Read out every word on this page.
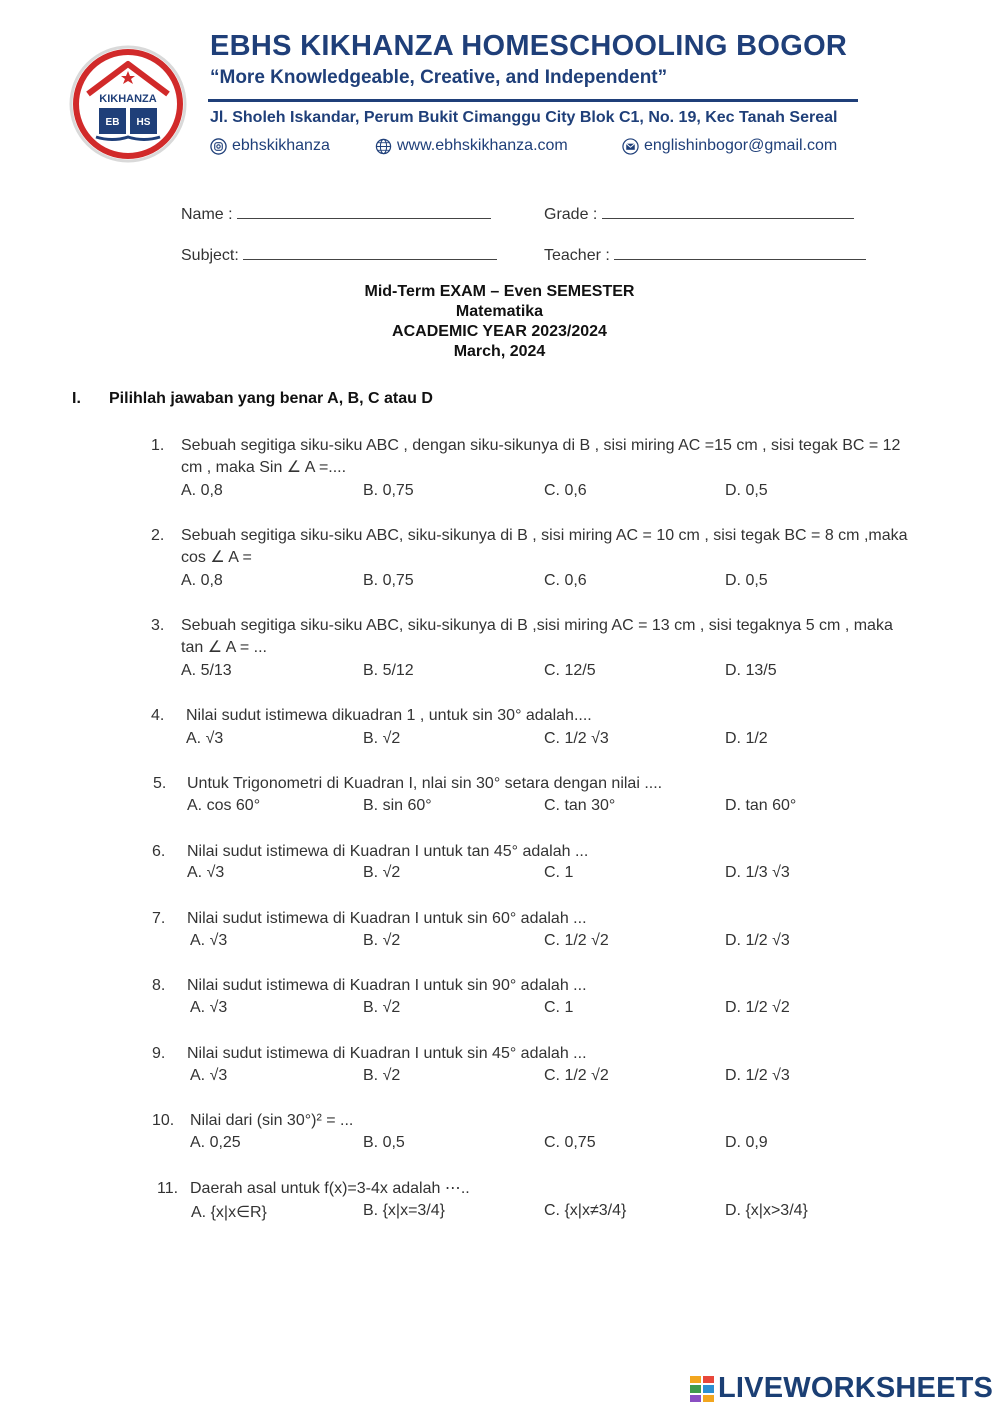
KIKHANZA
EB HS
EBHS KIKHANZA HOMESCHOOLING BOGOR
“More Knowledgeable, Creative, and Independent”
Jl. Sholeh Iskandar, Perum Bukit Cimanggu City Blok C1, No. 19, Kec Tanah Sereal
ebhskikhanza	www.ebhskikhanza.com	englishinbogor@gmail.com
Name :	Grade :
Subject:	Teacher :
Mid-Term EXAM – Even SEMESTER
Matematika
ACADEMIC YEAR 2023/2024
March, 2024
I. Pilihlah jawaban yang benar A, B, C atau D
1. Sebuah segitiga siku-siku ABC , dengan siku-sikunya di B , sisi miring AC =15 cm , sisi tegak BC = 12 cm , maka Sin ∠ A =....
A. 0,8	B. 0,75	C. 0,6	D. 0,5
2. Sebuah segitiga siku-siku ABC, siku-sikunya di B , sisi miring AC = 10 cm , sisi tegak BC = 8 cm ,maka cos ∠ A =
A. 0,8	B. 0,75	C. 0,6	D. 0,5
3. Sebuah segitiga siku-siku ABC, siku-sikunya di B ,sisi miring AC = 13 cm , sisi tegaknya 5 cm , maka tan ∠ A = ...
A. 5/13	B. 5/12	C. 12/5	D. 13/5
4. Nilai sudut istimewa dikuadran 1 , untuk sin 30° adalah....
A. √3	B. √2	C. 1/2 √3	D. 1/2
5. Untuk Trigonometri di Kuadran I, nlai sin 30° setara dengan nilai ....
A. cos 60°	B. sin 60°	C. tan 30°	D. tan 60°
6. Nilai sudut istimewa di Kuadran I untuk tan 45° adalah ...
A. √3	B. √2	C. 1	D. 1/3 √3
7. Nilai sudut istimewa di Kuadran I untuk sin 60° adalah ...
A. √3	B. √2	C. 1/2 √2	D. 1/2 √3
8. Nilai sudut istimewa di Kuadran I untuk sin 90° adalah ...
A. √3	B. √2	C. 1	D. 1/2 √2
9. Nilai sudut istimewa di Kuadran I untuk sin 45° adalah ...
A. √3	B. √2	C. 1/2 √2	D. 1/2 √3
10. Nilai dari (sin 30°)² = ...
A. 0,25	B. 0,5	C. 0,75	D. 0,9
11. Daerah asal untuk f(x)=3-4x adalah ⋯..
A. {x|x∈R}	B. {x|x=3/4}	C. {x|x≠3/4}	D. {x|x>3/4}
LIVEWORKSHEETS
